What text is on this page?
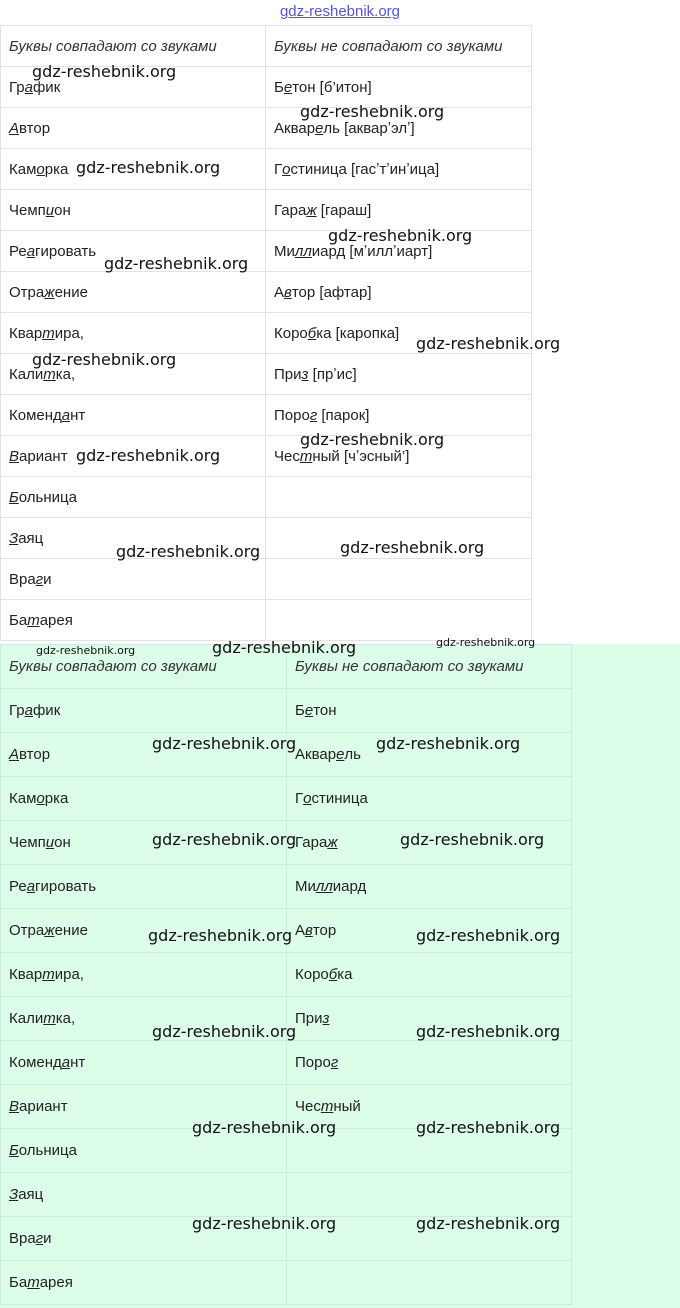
gdz-reshebnik.org
Буквы совпадают со звуками	Буквы не совпадают со звуками
График	Бетон [б’итон]
Автор	Акварель [акварʼэлʼ]
Каморка	Гостиница [гасʼтʼинʼица]
Чемпион	Гараж [гараш]
Реагировать	Миллиард [мʼиллʼиарт]
Отражение	Автор [афтар]
Квартира,	Коробка [каропка]
Калитка,	Приз [прʼис]
Комендант	Порог [парок]
Вариант	Честный [чʼэсный’]
Больница	
Заяц	
Враги	
Батарея	
Буквы совпадают со звуками	Буквы не совпадают со звуками
График	Бетон
Автор	Акварель
Каморка	Гостиница
Чемпион	Гараж
Реагировать	Миллиард
Отражение	Автор
Квартира,	Коробка
Калитка,	Приз
Комендант	Порог
Вариант	Честный
Больница	
Заяц	
Враги	
Батарея	
gdz-reshebnik.org
gdz-reshebnik.org
gdz-reshebnik.org
gdz-reshebnik.org
gdz-reshebnik.org
gdz-reshebnik.org
gdz-reshebnik.org
gdz-reshebnik.org
gdz-reshebnik.org
gdz-reshebnik.org	gdz-reshebnik.org
gdz-reshebnik.org	gdz-reshebnik.org	gdz-reshebnik.org
gdz-reshebnik.org	gdz-reshebnik.org
gdz-reshebnik.org	gdz-reshebnik.org
gdz-reshebnik.org	gdz-reshebnik.org
gdz-reshebnik.org	gdz-reshebnik.org
gdz-reshebnik.org	gdz-reshebnik.org
gdz-reshebnik.org	gdz-reshebnik.org
